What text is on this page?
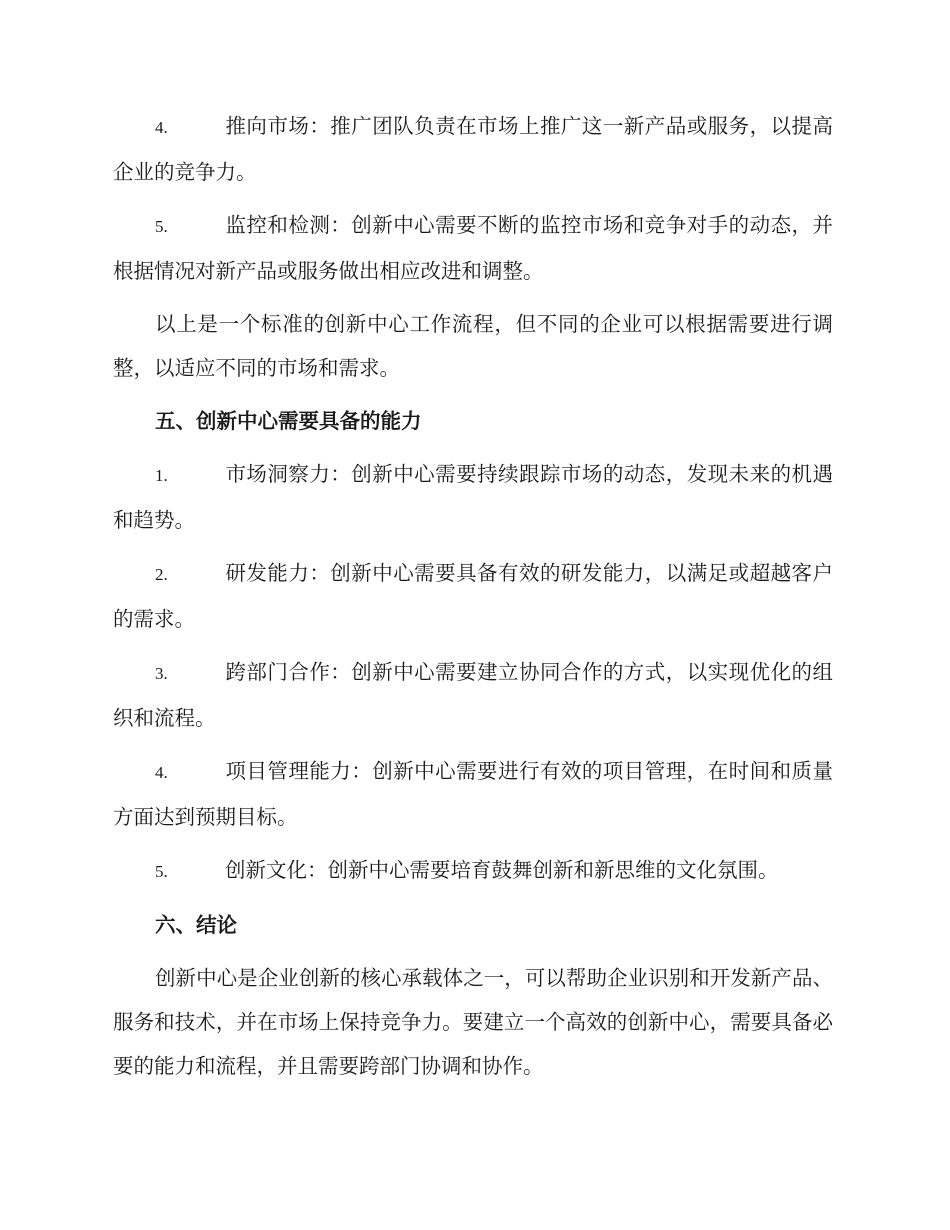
4.	推向市场：推广团队负责在市场上推广这一新产品或服务，以提高企业的竞争力。

5.	监控和检测：创新中心需要不断的监控市场和竞争对手的动态，并根据情况对新产品或服务做出相应改进和调整。

以上是一个标准的创新中心工作流程，但不同的企业可以根据需要进行调整，以适应不同的市场和需求。

五、创新中心需要具备的能力

1.	市场洞察力：创新中心需要持续跟踪市场的动态，发现未来的机遇和趋势。

2.	研发能力：创新中心需要具备有效的研发能力，以满足或超越客户的需求。

3.	跨部门合作：创新中心需要建立协同合作的方式，以实现优化的组织和流程。

4.	项目管理能力：创新中心需要进行有效的项目管理，在时间和质量方面达到预期目标。

5.	创新文化：创新中心需要培育鼓舞创新和新思维的文化氛围。

六、结论

创新中心是企业创新的核心承载体之一，可以帮助企业识别和开发新产品、服务和技术，并在市场上保持竞争力。要建立一个高效的创新中心，需要具备必要的能力和流程，并且需要跨部门协调和协作。
